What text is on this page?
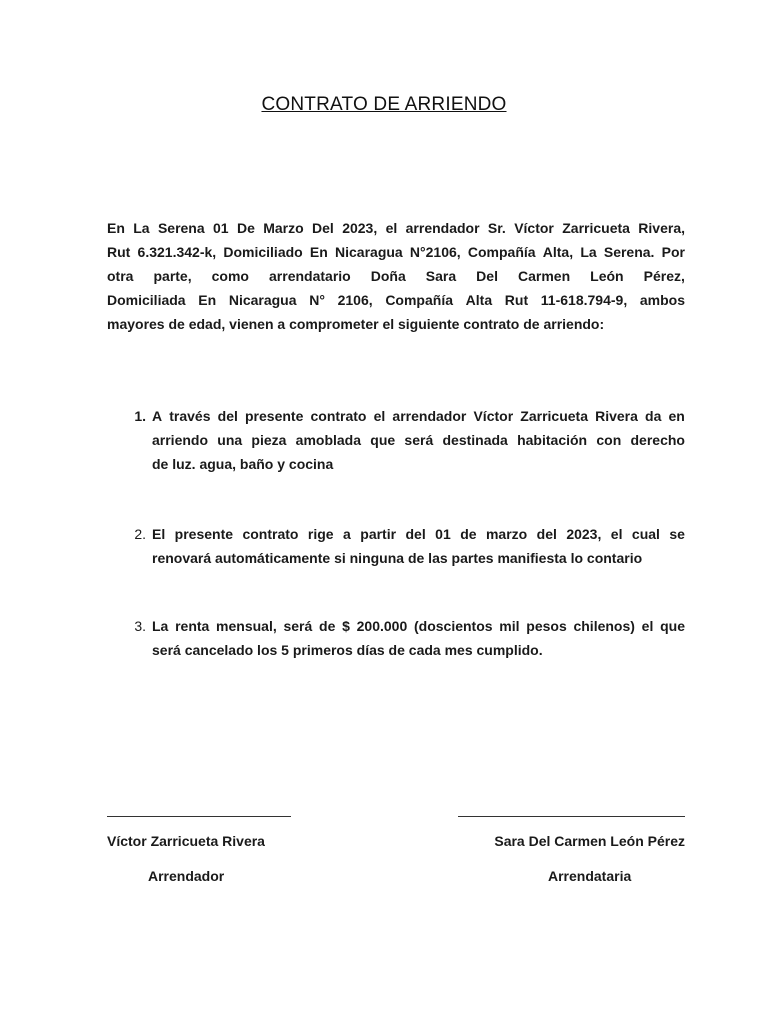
CONTRATO DE ARRIENDO
En La Serena 01 De Marzo Del 2023, el arrendador Sr. Víctor Zarricueta Rivera,
Rut 6.321.342-k, Domiciliado En Nicaragua N°2106, Compañía Alta, La Serena. Por
otra parte, como arrendatario Doña Sara Del Carmen León Pérez,
Domiciliada En Nicaragua N° 2106, Compañía Alta Rut 11-618.794-9, ambos
mayores de edad, vienen a comprometer el siguiente contrato de arriendo:
1. A través del presente contrato el arrendador Víctor Zarricueta Rivera da en
arriendo una pieza amoblada que será destinada habitación con derecho
de luz. agua, baño y cocina
2. El presente contrato rige a partir del 01 de marzo del 2023, el cual se
renovará automáticamente si ninguna de las partes manifiesta lo contario
3. La renta mensual, será de $ 200.000 (doscientos mil pesos chilenos) el que
será cancelado los 5 primeros días de cada mes cumplido.
Víctor Zarricueta Rivera	Sara Del Carmen León Pérez
Arrendador	Arrendataria
